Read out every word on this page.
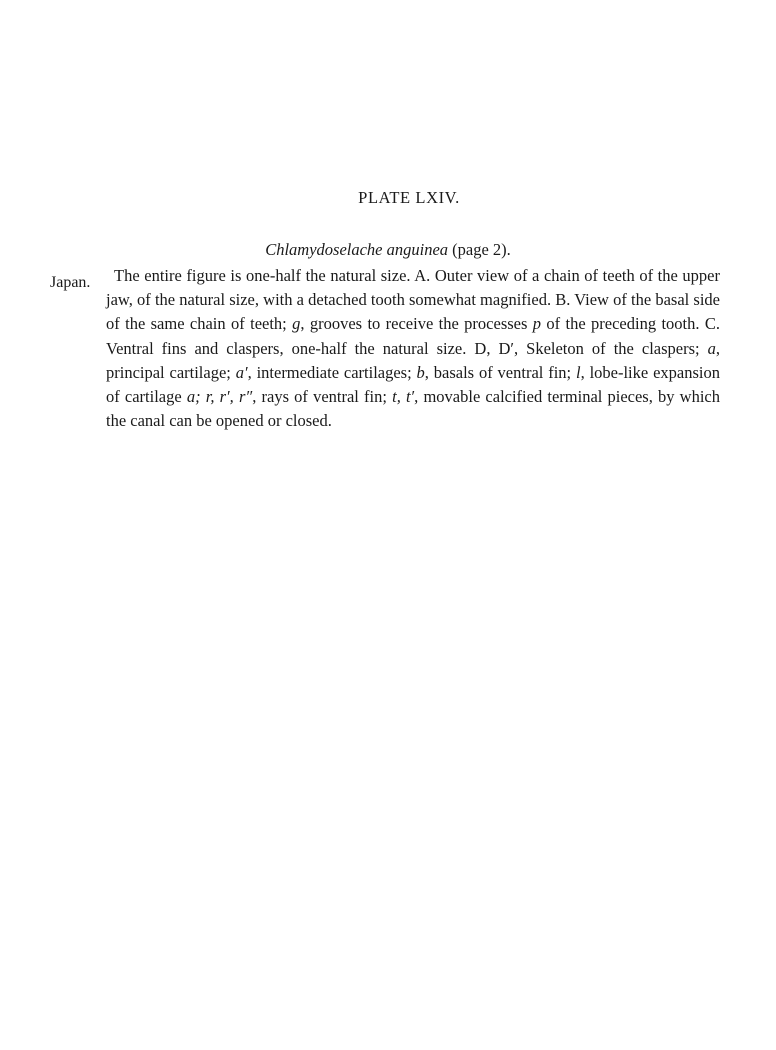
PLATE LXIV.
Chlamydoselache anguinea (page 2).
Japan.	The entire figure is one-half the natural size. A. Outer view of a chain of teeth of the upper jaw, of the natural size, with a detached tooth somewhat magnified. B. View of the basal side of the same chain of teeth; g, grooves to receive the processes p of the preceding tooth. C. Ventral fins and claspers, one-half the natural size. D, D′, Skeleton of the claspers; a, principal cartilage; a′, intermediate cartilages; b, basals of ventral fin; l, lobe-like expansion of cartilage a; r, r′, r″, rays of ventral fin; t, t′, movable calcified terminal pieces, by which the canal can be opened or closed.
